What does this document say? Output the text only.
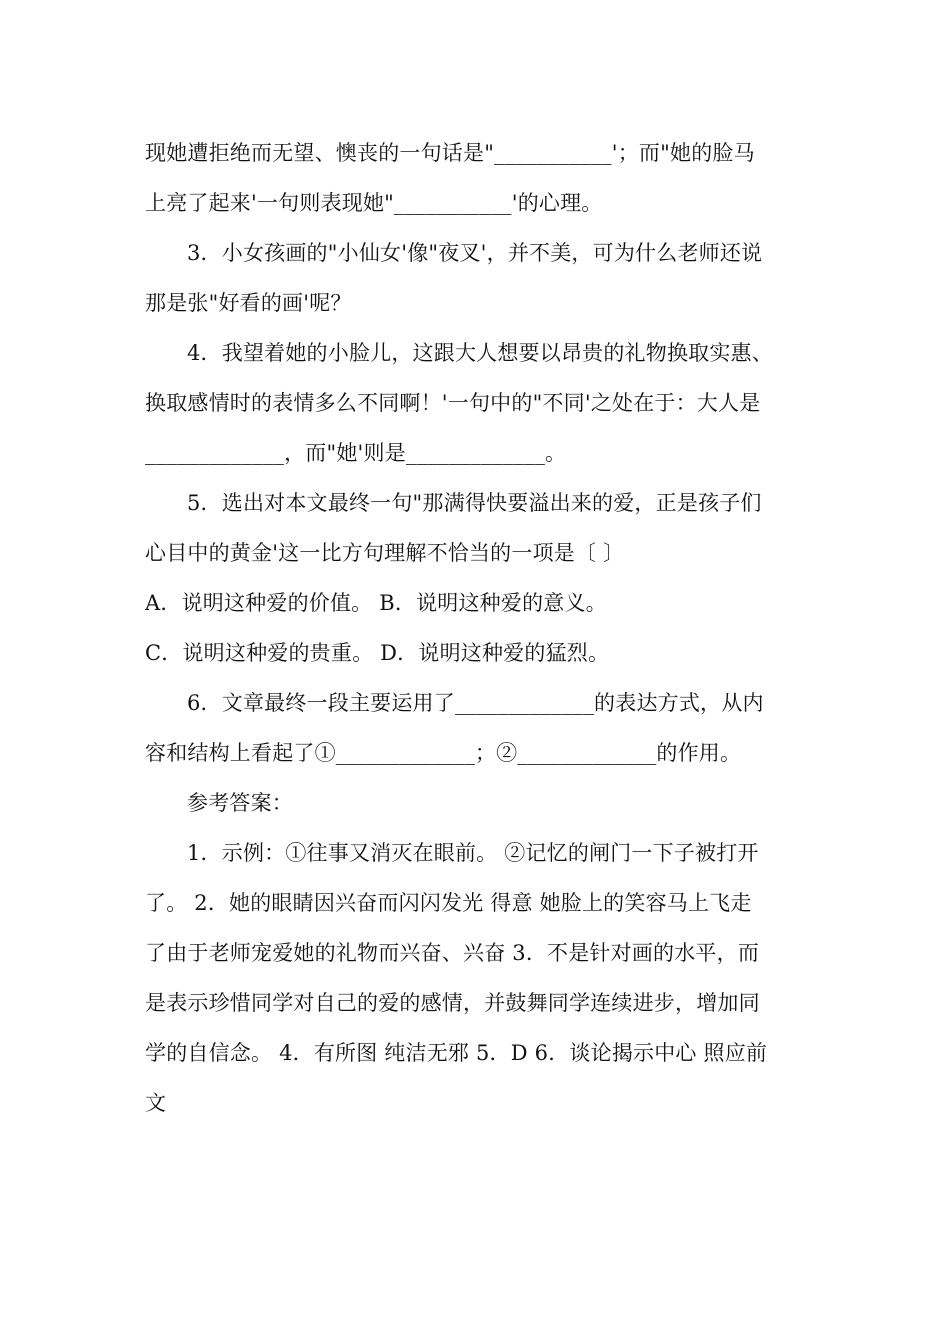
现她遭拒绝而无望、懊丧的一句话是"___________'；而"她的脸马
上亮了起来'一句则表现她"___________'的心理。
3．小女孩画的"小仙女'像"夜叉'，并不美，可为什么老师还说
那是张"好看的画'呢？
4．我望着她的小脸儿，这跟大人想要以昂贵的礼物换取实惠、
换取感情时的表情多么不同啊！'一句中的"不同'之处在于：大人是
_____________，而"她'则是_____________。
5．选出对本文最终一句"那满得快要溢出来的爱，正是孩子们
心目中的黄金'这一比方句理解不恰当的一项是〔 〕
A．说明这种爱的价值。 B．说明这种爱的意义。
C．说明这种爱的贵重。 D．说明这种爱的猛烈。
6．文章最终一段主要运用了_____________的表达方式，从内
容和结构上看起了①_____________；②_____________的作用。
参考答案：
1．示例：①往事又消灭在眼前。 ②记忆的闸门一下子被打开
了。 2．她的眼睛因兴奋而闪闪发光 得意 她脸上的笑容马上飞走
了由于老师宠爱她的礼物而兴奋、兴奋 3．不是针对画的水平，而
是表示珍惜同学对自己的爱的感情，并鼓舞同学连续进步，增加同
学的自信念。 4．有所图 纯洁无邪 5．D 6．谈论揭示中心 照应前
文
